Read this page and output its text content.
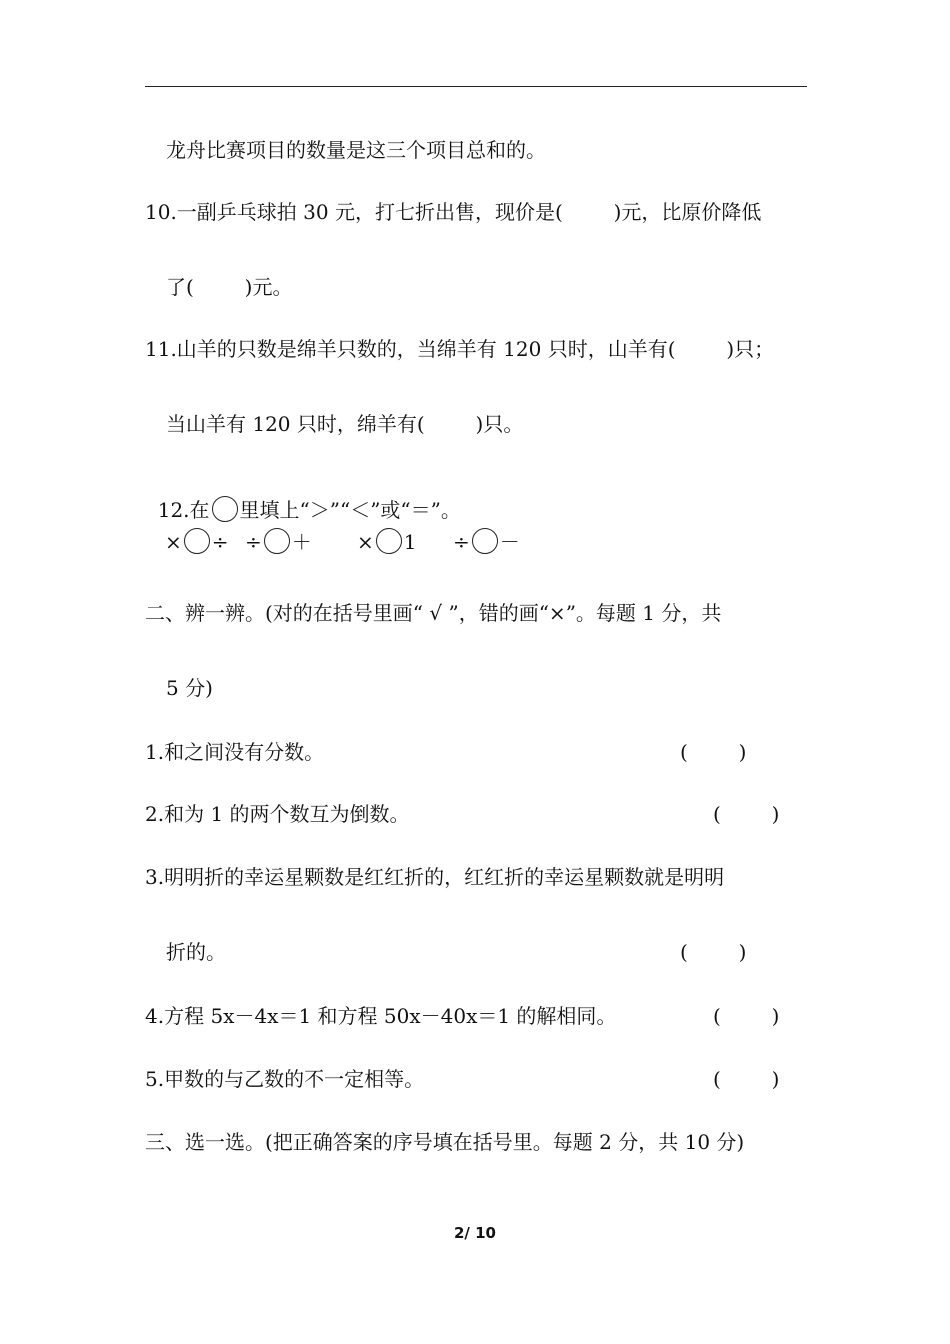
龙舟比赛项目的数量是这三个项目总和的。
10.一副乒乓球拍 30 元，打七折出售，现价是(        )元，比原价降低
了(        )元。
11.山羊的只数是绵羊只数的，当绵羊有 120 只时，山羊有(        )只；
当山羊有 120 只时，绵羊有(        )只。

12.在 里填上“＞”“＜”或“＝”。

× ÷ ÷ ＋ × 1 ÷ －
二、辨一辨。(对的在括号里画“ √ ”，错的画“×”。每题 1 分，共
5 分)
1.和之间没有分数。	(        )
2.和为 1 的两个数互为倒数。	(        )
3.明明折的幸运星颗数是红红折的，红红折的幸运星颗数就是明明
折的。	(        )
4.方程 5x－4x＝1 和方程 50x－40x＝1 的解相同。	(        )
5.甲数的与乙数的不一定相等。	(        )
三、选一选。(把正确答案的序号填在括号里。每题 2 分，共 10 分)
2/ 10
